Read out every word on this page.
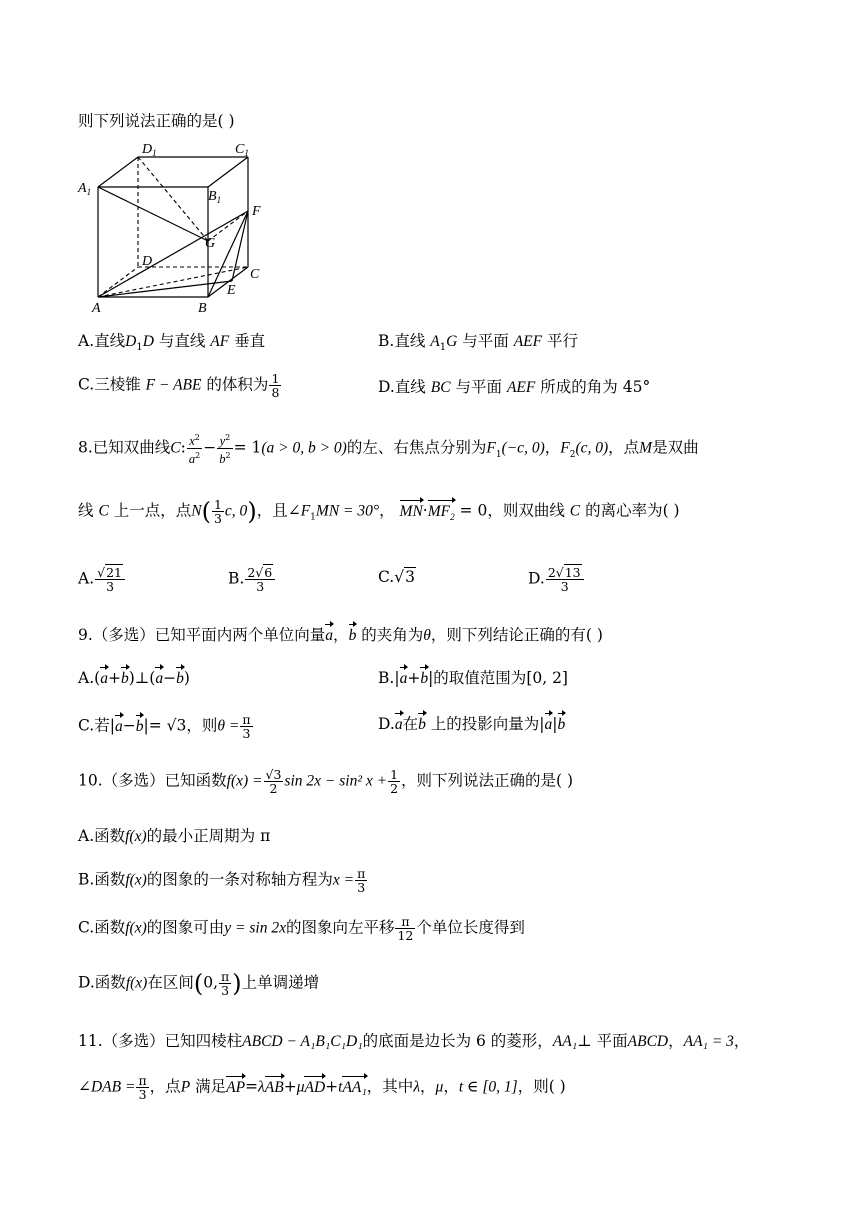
则下列说法正确的是( )
$D_1$	$C_1$
$A_1$	$B_1$
F
G
D
C
E
A	B
A.直线$D_1D$ 与直线 AF 垂直	B.直线 $A_1G$ 与平面 AEF 平行
C.三棱锥 F − ABE 的体积为 $\frac{1}{8}$	D.直线 BC 与平面 AEF 所成的角为 45°
8.已知双曲线C: $\frac{x^2}{a^2} - \frac{y^2}{b^2} = 1(a > 0$, b > 0)的左、右焦点分别为$F_1(-c$, 0)，$F_2(c$, 0)，点M是双曲
线 C 上一点，点$N( \frac{1}{3} c$, 0)，且$\angle F_1MN = 30^\circ$， $MN\cdot MF_2 = 0$，则双曲线 C 的离心率为( )
A. $\frac{√21}{3}$	B. $\frac{2√6}{3}$	C.√3	D. $\frac{2√13}{3}$
9.（多选）已知平面内两个单位向量a，b 的夹角为θ，则下列结论正确的有( )
A.(a+b)⊥(a−b)	B.|a+b|的取值范围为[0, 2]
C.若|a−b|= √3，则$\theta = \frac{\pi}{3}$	D.a在b 上的投影向量为|a|b
10.（多选）已知函数$f(x) = \frac{√3}{2}$ sin 2x − sin² $x + \frac{1}{2}$ ，则下列说法正确的是( )
A.函数f(x)的最小正周期为 π
B.函数f(x)的图象的一条对称轴方程为$x = \frac{\pi}{3}$
C.函数f(x)的图象可由y = sin 2x的图象向左平移 $\frac{\pi}{12}$ 个单位长度得到
D.函数f(x)在区间(0, $\frac{\pi}{3}$ )上单调递增
11.（多选）已知四棱柱ABCD − A₁B₁C₁D₁的底面是边长为 6 的菱形，AA₁⊥ 平面ABCD，AA₁ = 3，
∠DAB = $\frac{\pi}{3}$ ，点P 满足AP=λAB+μAD+tAA₁，其中λ，μ，t ∈ [0, 1]，则( )
